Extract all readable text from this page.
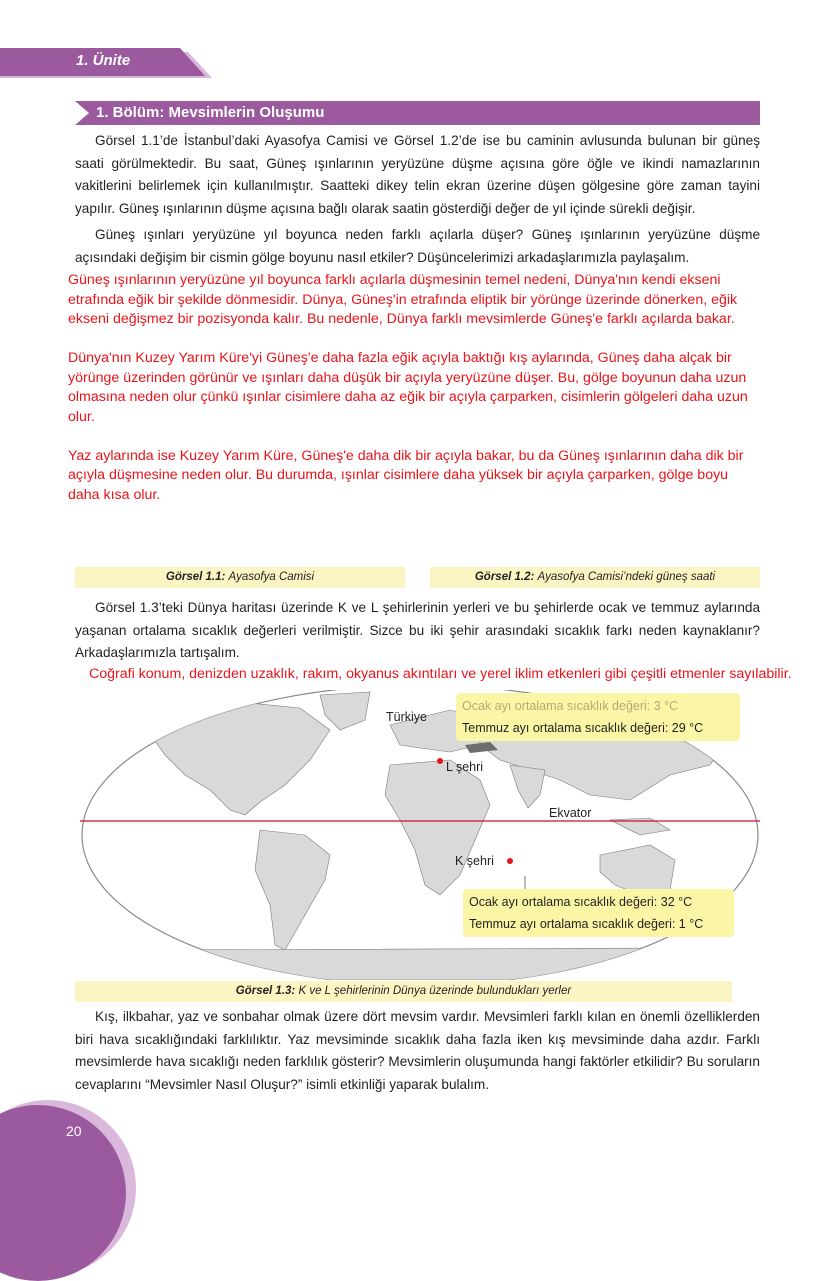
1. Ünite
1. Bölüm: Mevsimlerin Oluşumu

Görsel 1.1’de İstanbul’daki Ayasofya Camisi ve Görsel 1.2’de ise bu caminin avlusunda bulunan bir güneş saati görülmektedir. Bu saat, Güneş ışınlarının yeryüzüne düşme açısına göre öğle ve ikindi namazlarının vakitlerini belirlemek için kullanılmıştır. Saatteki dikey telin ekran üzerine düşen gölgesine göre zaman tayini yapılır. Güneş ışınlarının düşme açısına bağlı olarak saatin gösterdiği değer de yıl içinde sürekli değişir.

Güneş ışınları yeryüzüne yıl boyunca neden farklı açılarla düşer? Güneş ışınlarının yeryüzüne düşme açısındaki değişim bir cismin gölge boyunu nasıl etkiler? Düşüncelerimizi arkadaşlarımızla paylaşalım.

Güneş ışınlarının yeryüzüne yıl boyunca farklı açılarla düşmesinin temel nedeni, Dünya'nın kendi ekseni etrafında eğik bir şekilde dönmesidir. Dünya, Güneş'in etrafında eliptik bir yörünge üzerinde dönerken, eğik ekseni değişmez bir pozisyonda kalır. Bu nedenle, Dünya farklı mevsimlerde Güneş'e farklı açılarda bakar.

Dünya'nın Kuzey Yarım Küre'yi Güneş'e daha fazla eğik açıyla baktığı kış aylarında, Güneş daha alçak bir yörünge üzerinden görünür ve ışınları daha düşük bir açıyla yeryüzüne düşer. Bu, gölge boyunun daha uzun olmasına neden olur çünkü ışınlar cisimlere daha az eğik bir açıyla çarparken, cisimlerin gölgeleri daha uzun olur.

Yaz aylarında ise Kuzey Yarım Küre, Güneş'e daha dik bir açıyla bakar, bu da Güneş ışınlarının daha dik bir açıyla düşmesine neden olur. Bu durumda, ışınlar cisimlere daha yüksek bir açıyla çarparken, gölge boyu daha kısa olur.

Görsel 1.1: Ayasofya Camisi	Görsel 1.2: Ayasofya Camisi’ndeki güneş saati

Görsel 1.3’teki Dünya haritası üzerinde K ve L şehirlerinin yerleri ve bu şehirlerde ocak ve temmuz aylarında yaşanan ortalama sıcaklık değerleri verilmiştir. Sizce bu iki şehir arasındaki sıcaklık farkı neden kaynaklanır? Arkadaşlarımızla tartışalım.

Coğrafi konum, denizden uzaklık, rakım, okyanus akıntıları ve yerel iklim etkenleri gibi çeşitli etmenler sayılabilir.
Türkiye
L şehri
K şehri
Ekvator
Ocak ayı ortalama sıcaklık değeri: 3 °C
Temmuz ayı ortalama sıcaklık değeri: 29 °C
Ocak ayı ortalama sıcaklık değeri: 32 °C
Temmuz ayı ortalama sıcaklık değeri: 1 °C
Görsel 1.3: K ve L şehirlerinin Dünya üzerinde bulundukları yerler

Kış, ilkbahar, yaz ve sonbahar olmak üzere dört mevsim vardır. Mevsimleri farklı kılan en önemli özelliklerden biri hava sıcaklığındaki farklılıktır. Yaz mevsiminde sıcaklık daha fazla iken kış mevsiminde daha azdır. Farklı mevsimlerde hava sıcaklığı neden farklılık gösterir? Mevsimlerin oluşumunda hangi faktörler etkilidir? Bu soruların cevaplarını “Mevsimler Nasıl Oluşur?” isimli etkinliği yaparak bulalım.

20
